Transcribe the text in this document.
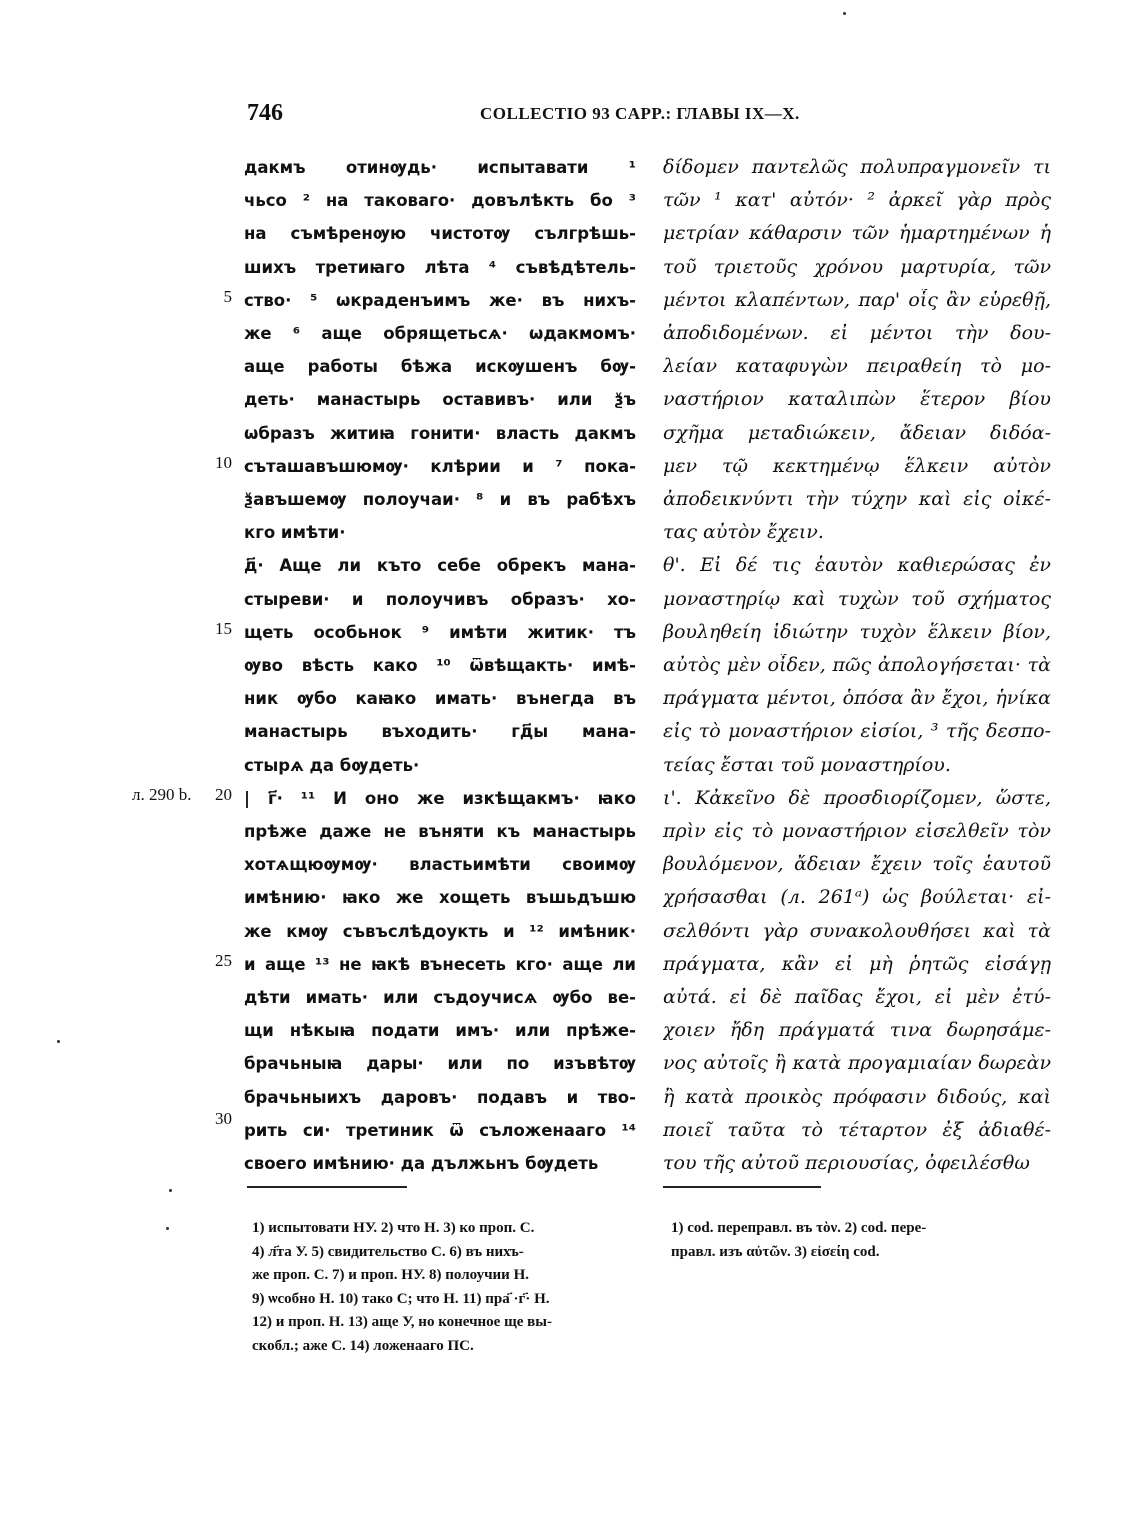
746	COLLECTIO 93 CAPP.: ГЛАВЫ IX—X.
дакмъ отинѹдь· испытавати ¹
чьсо ² на таковаго· довълѣкть бо ³
на съмѣренѹю чистотѹ сългрѣшь-
шихъ третиꙗго лѣта ⁴ съвѣдѣтель-
ство· ⁵ ѡкраденъимъ же· въ нихъ-
же ⁶ аще обрящетьсѧ· ѡдакмомъ·
аще работы бѣжа искѹшенъ бѹ-
деть· манастырь оставивъ· или ѯъ
ѡбразъ житиꙗ гонити· власть дакмъ
съташавъшюмѹ· клѣрии и ⁷ пока-
ѯавъшемѹ полоучаи· ⁸ и въ рабѣхъ
кго имѣти·
д҃· Аще ли къто себе обрекъ мана-
стыреви· и полоучивъ образъ· хо-
щеть особьнок ⁹ имѣти житик· тъ
ѹво вѣсть како ¹⁰ ѿвѣщакть· имѣ-
ник ѹбо каꙗко имать· вънегда въ
манастырь въходить· гд҃ы мана-
стырѧ да бѹдеть·
| г҃· ¹¹ И оно же изкѣщакмъ· ꙗко
прѣже даже не въняти къ манастырь
хотѧщюѹмѹ· властьимѣти своимѹ
имѣнию· ꙗко же хощеть въшьдъшю
же кмѹ съвъслѣдоукть и ¹² имѣник·
и аще ¹³ не ꙗкѣ вънесеть кго· аще ли
дѣти имать· или съдоучисѧ ѹбо ве-
щи нѣкыꙗ подати имъ· или прѣже-
брачьныꙗ дары· или по изъвѣтѹ
брачьныихъ даровъ· подавъ и тво-
рить си· третиник ѿ съложенааго ¹⁴
своего имѣнию· да дължьнъ бѹдеть
δίδομεν παντελῶς πολυπραγμονεῖν τι
τῶν ¹ κατ' αὐτόν· ² ἀρκεῖ γὰρ πρὸς
μετρίαν κάθαρσιν τῶν ἡμαρτημένων ἡ
τοῦ τριετοῦς χρόνου μαρτυρία, τῶν
μέντοι κλαπέντων, παρ' οἷς ἂν εὑρεθῇ,
ἀποδιδομένων. εἰ μέντοι τὴν δου-
λείαν καταφυγὼν πειραθείη τὸ μο-
ναστήριον καταλιπὼν ἕτερον βίου
σχῆμα μεταδιώκειν, ἄδειαν διδόα-
μεν τῷ κεκτημένῳ ἕλκειν αὐτὸν
ἀποδεικνύντι τὴν τύχην καὶ εἰς οἰκέ-
τας αὐτὸν ἔχειν.
θ'. Εἰ δέ τις ἑαυτὸν καθιερώσας ἐν
μοναστηρίῳ καὶ τυχὼν τοῦ σχήματος
βουληθείη ἰδιώτην τυχὸν ἕλκειν βίον,
αὐτὸς μὲν οἶδεν, πῶς ἀπολογήσεται· τὰ
πράγματα μέντοι, ὁπόσα ἂν ἔχοι, ἡνίκα
εἰς τὸ μοναστήριον εἰσίοι, ³ τῆς δεσπο-
τείας ἔσται τοῦ μοναστηρίου.
ι'. Κἀκεῖνο δὲ προσδιορίζομεν, ὥστε,
πρὶν εἰς τὸ μοναστήριον εἰσελθεῖν τὸν
βουλόμενον, ἄδειαν ἔχειν τοῖς ἑαυτοῦ
χρήσασθαι (л. 261ᵃ) ὡς βούλεται· εἰ-
σελθόντι γὰρ συνακολουθήσει καὶ τὰ
πράγματα, κἂν εἰ μὴ ῥητῶς εἰσάγῃ
αὐτά. εἰ δὲ παῖδας ἔχοι, εἰ μὲν ἐτύ-
χοιεν ἤδη πράγματά τινα δωρησάμε-
νος αὐτοῖς ἢ κατὰ προγαμιαίαν δωρεὰν
ἢ κατὰ προικὸς πρόφασιν διδούς, καὶ
ποιεῖ ταῦτα τὸ τέταρτον ἐξ ἀδιαθέ-
του τῆς αὐτοῦ περιουσίας, ὀφειλέσθω
5
10
15
20
25
30
л. 290 b.
1) испытовати НУ. 2) что Н. 3) ко проп. С.
4) л҃та У. 5) свидительство С. 6) въ нихъ-
же проп. С. 7) и проп. НУ. 8) полоучии Н.
9) ѡсобно Н. 10) тако С; что Н. 11) пра҃ ·г҃· Н.
12) и проп. Н. 13) аще У, но конечное ще вы-
скобл.; аже С. 14) ложенааго ПС.
1) cod. переправл. въ τὸν. 2) cod. пере-
правл. изъ αὐτῶν. 3) εἰσείη cod.
